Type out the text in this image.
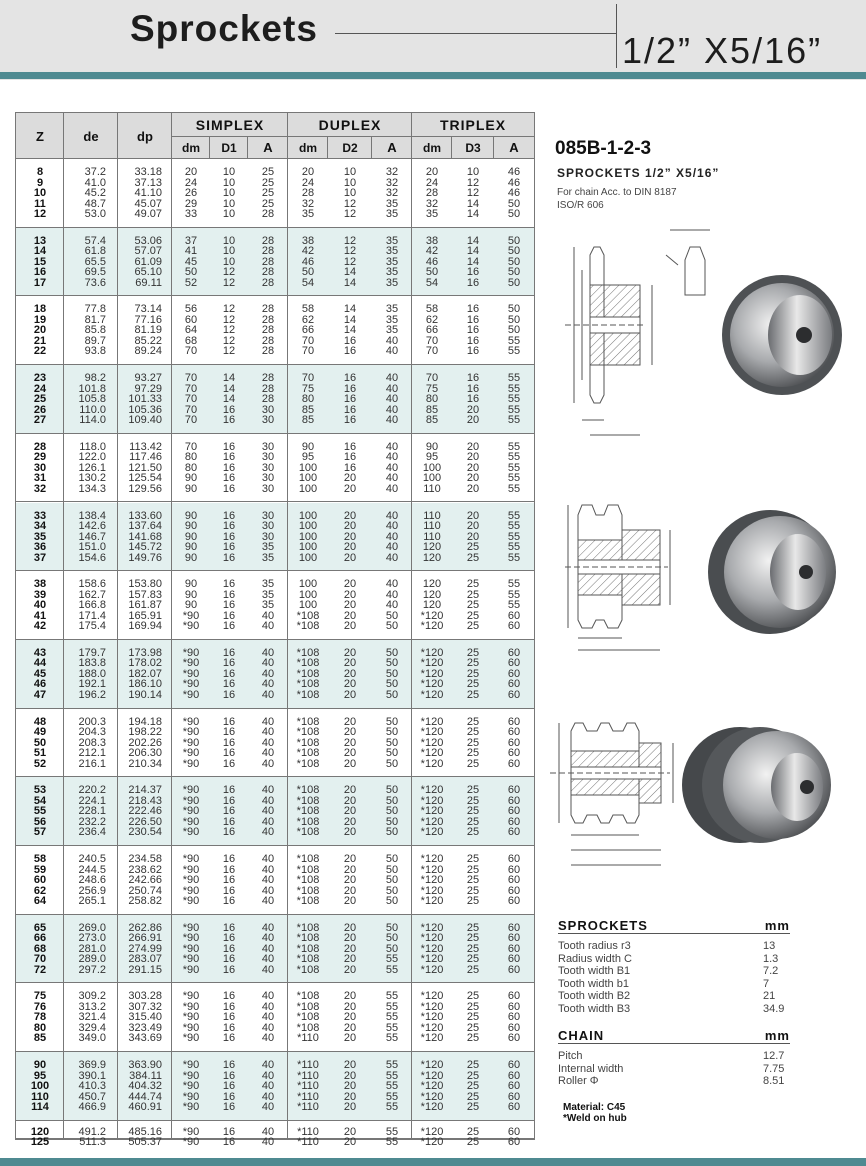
Sprockets
1/2” X5/16”
Z	de	dp
SIMPLEX	DUPLEX	TRIPLEX
dm	D1	A	dm	D2	A	dm	D3	A
8	37.2	33.18	20	10	25	20	10	32	20	10	46
9	41.0	37.13	24	10	25	24	10	32	24	12	46
10	45.2	41.10	26	10	25	28	10	32	28	12	46
11	48.7	45.07	29	10	25	32	12	35	32	14	50
12	53.0	49.07	33	10	28	35	12	35	35	14	50
13	57.4	53.06	37	10	28	38	12	35	38	14	50
14	61.8	57.07	41	10	28	42	12	35	42	14	50
15	65.5	61.09	45	10	28	46	12	35	46	14	50
16	69.5	65.10	50	12	28	50	14	35	50	16	50
17	73.6	69.11	52	12	28	54	14	35	54	16	50
18	77.8	73.14	56	12	28	58	14	35	58	16	50
19	81.7	77.16	60	12	28	62	14	35	62	16	50
20	85.8	81.19	64	12	28	66	14	35	66	16	50
21	89.7	85.22	68	12	28	70	16	40	70	16	55
22	93.8	89.24	70	12	28	70	16	40	70	16	55
23	98.2	93.27	70	14	28	70	16	40	70	16	55
24	101.8	97.29	70	14	28	75	16	40	75	16	55
25	105.8	101.33	70	14	28	80	16	40	80	16	55
26	110.0	105.36	70	16	30	85	16	40	85	20	55
27	114.0	109.40	70	16	30	85	16	40	85	20	55
28	118.0	113.42	70	16	30	90	16	40	90	20	55
29	122.0	117.46	80	16	30	95	16	40	95	20	55
30	126.1	121.50	80	16	30	100	16	40	100	20	55
31	130.2	125.54	90	16	30	100	20	40	100	20	55
32	134.3	129.56	90	16	30	100	20	40	110	20	55
33	138.4	133.60	90	16	30	100	20	40	110	20	55
34	142.6	137.64	90	16	30	100	20	40	110	20	55
35	146.7	141.68	90	16	30	100	20	40	110	20	55
36	151.0	145.72	90	16	35	100	20	40	120	25	55
37	154.6	149.76	90	16	35	100	20	40	120	25	55
38	158.6	153.80	90	16	35	100	20	40	120	25	55
39	162.7	157.83	90	16	35	100	20	40	120	25	55
40	166.8	161.87	90	16	35	100	20	40	120	25	55
41	171.4	165.91	*90	16	40	*108	20	50	*120	25	60
42	175.4	169.94	*90	16	40	*108	20	50	*120	25	60
43	179.7	173.98	*90	16	40	*108	20	50	*120	25	60
44	183.8	178.02	*90	16	40	*108	20	50	*120	25	60
45	188.0	182.07	*90	16	40	*108	20	50	*120	25	60
46	192.1	186.10	*90	16	40	*108	20	50	*120	25	60
47	196.2	190.14	*90	16	40	*108	20	50	*120	25	60
48	200.3	194.18	*90	16	40	*108	20	50	*120	25	60
49	204.3	198.22	*90	16	40	*108	20	50	*120	25	60
50	208.3	202.26	*90	16	40	*108	20	50	*120	25	60
51	212.1	206.30	*90	16	40	*108	20	50	*120	25	60
52	216.1	210.34	*90	16	40	*108	20	50	*120	25	60
53	220.2	214.37	*90	16	40	*108	20	50	*120	25	60
54	224.1	218.43	*90	16	40	*108	20	50	*120	25	60
55	228.1	222.46	*90	16	40	*108	20	50	*120	25	60
56	232.2	226.50	*90	16	40	*108	20	50	*120	25	60
57	236.4	230.54	*90	16	40	*108	20	50	*120	25	60
58	240.5	234.58	*90	16	40	*108	20	50	*120	25	60
59	244.5	238.62	*90	16	40	*108	20	50	*120	25	60
60	248.6	242.66	*90	16	40	*108	20	50	*120	25	60
62	256.9	250.74	*90	16	40	*108	20	50	*120	25	60
64	265.1	258.82	*90	16	40	*108	20	50	*120	25	60
65	269.0	262.86	*90	16	40	*108	20	50	*120	25	60
66	273.0	266.91	*90	16	40	*108	20	50	*120	25	60
68	281.0	274.99	*90	16	40	*108	20	50	*120	25	60
70	289.0	283.07	*90	16	40	*108	20	55	*120	25	60
72	297.2	291.15	*90	16	40	*108	20	55	*120	25	60
75	309.2	303.28	*90	16	40	*108	20	55	*120	25	60
76	313.2	307.32	*90	16	40	*108	20	55	*120	25	60
78	321.4	315.40	*90	16	40	*108	20	55	*120	25	60
80	329.4	323.49	*90	16	40	*108	20	55	*120	25	60
85	349.0	343.69	*90	16	40	*110	20	55	*120	25	60
90	369.9	363.90	*90	16	40	*110	20	55	*120	25	60
95	390.1	384.11	*90	16	40	*110	20	55	*120	25	60
100	410.3	404.32	*90	16	40	*110	20	55	*120	25	60
110	450.7	444.74	*90	16	40	*110	20	55	*120	25	60
114	466.9	460.91	*90	16	40	*110	20	55	*120	25	60
120	491.2	485.16	*90	16	40	*110	20	55	*120	25	60
125	511.3	505.37	*90	16	40	*110	20	55	*120	25	60
085B-1-2-3
SPROCKETS 1/2” X5/16”
For chain Acc. to DIN 8187
ISO/R 606
SPROCKETS	mm
Tooth radius r3	13
Radius width C	1.3
Tooth width B1	7.2
Tooth width b1	7
Tooth width B2	21
Tooth width B3	34.9
CHAIN	mm
Pitch	12.7
Internal width	7.75
Roller Φ	8.51
Material: C45
*Weld on hub
